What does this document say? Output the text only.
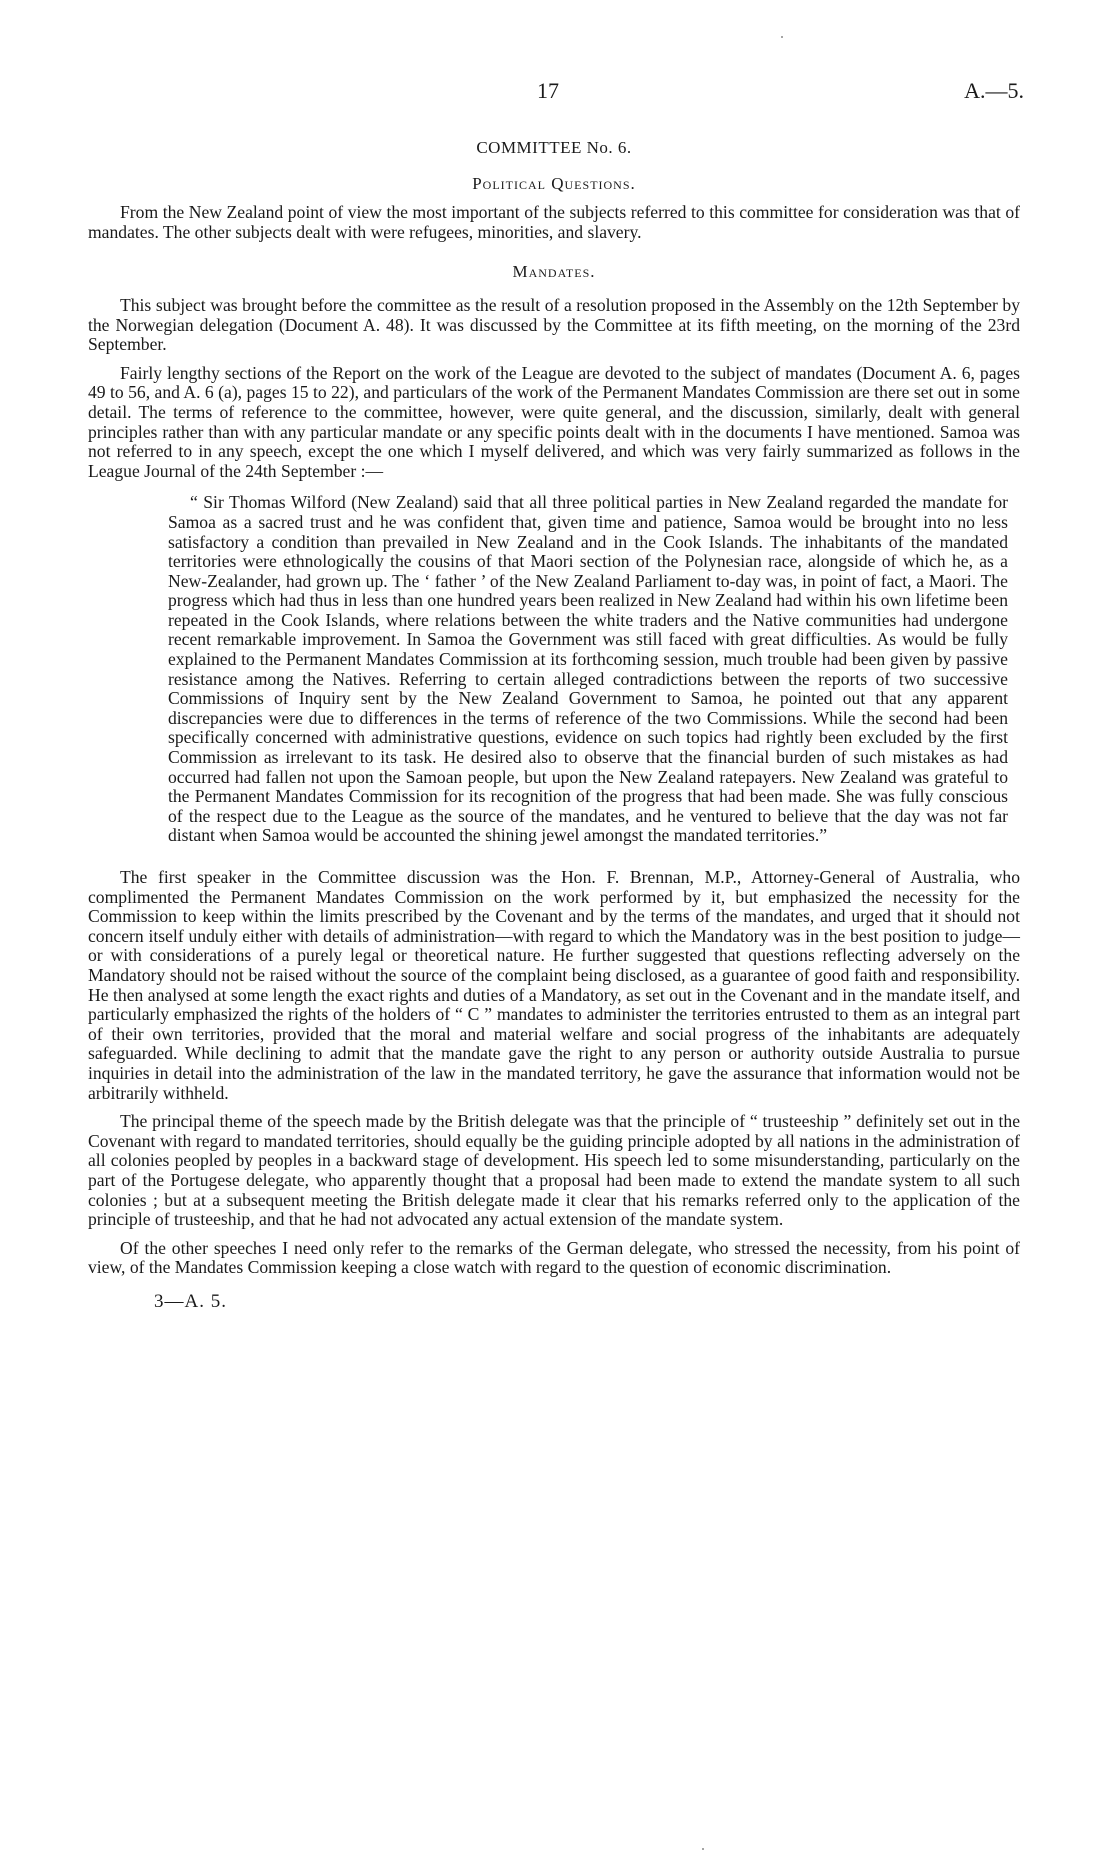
17	A.—5.
COMMITTEE No. 6.
Political Questions.

From the New Zealand point of view the most important of the subjects referred to this committee for consideration was that of mandates. The other subjects dealt with were refugees, minorities, and slavery.

Mandates.

This subject was brought before the committee as the result of a resolution proposed in the Assembly on the 12th September by the Norwegian delegation (Document A. 48). It was discussed by the Committee at its fifth meeting, on the morning of the 23rd September.

Fairly lengthy sections of the Report on the work of the League are devoted to the subject of mandates (Document A. 6, pages 49 to 56, and A. 6 (a), pages 15 to 22), and particulars of the work of the Permanent Mandates Commission are there set out in some detail. The terms of reference to the committee, however, were quite general, and the discussion, similarly, dealt with general principles rather than with any particular mandate or any specific points dealt with in the documents I have mentioned. Samoa was not referred to in any speech, except the one which I myself delivered, and which was very fairly summarized as follows in the League Journal of the 24th September :—

“ Sir Thomas Wilford (New Zealand) said that all three political parties in New Zealand regarded the mandate for Samoa as a sacred trust and he was confident that, given time and patience, Samoa would be brought into no less satisfactory a condition than prevailed in New Zealand and in the Cook Islands. The inhabitants of the mandated territories were ethnologically the cousins of that Maori section of the Polynesian race, alongside of which he, as a New-Zealander, had grown up. The ‘ father ’ of the New Zealand Parliament to-day was, in point of fact, a Maori. The progress which had thus in less than one hundred years been realized in New Zealand had within his own lifetime been repeated in the Cook Islands, where relations between the white traders and the Native communities had undergone recent remarkable improvement. In Samoa the Government was still faced with great difficulties. As would be fully explained to the Permanent Mandates Commission at its forthcoming session, much trouble had been given by passive resistance among the Natives. Referring to certain alleged contradictions between the reports of two successive Commissions of Inquiry sent by the New Zealand Government to Samoa, he pointed out that any apparent discrepancies were due to differences in the terms of reference of the two Commissions. While the second had been specifically concerned with administrative questions, evidence on such topics had rightly been excluded by the first Commission as irrelevant to its task. He desired also to observe that the financial burden of such mistakes as had occurred had fallen not upon the Samoan people, but upon the New Zealand ratepayers. New Zealand was grateful to the Permanent Mandates Commission for its recognition of the progress that had been made. She was fully conscious of the respect due to the League as the source of the mandates, and he ventured to believe that the day was not far distant when Samoa would be accounted the shining jewel amongst the mandated territories.”

The first speaker in the Committee discussion was the Hon. F. Brennan, M.P., Attorney-General of Australia, who complimented the Permanent Mandates Commission on the work performed by it, but emphasized the necessity for the Commission to keep within the limits prescribed by the Covenant and by the terms of the mandates, and urged that it should not concern itself unduly either with details of administration—with regard to which the Mandatory was in the best position to judge—or with considerations of a purely legal or theoretical nature. He further suggested that questions reflecting adversely on the Mandatory should not be raised without the source of the complaint being disclosed, as a guarantee of good faith and responsibility. He then analysed at some length the exact rights and duties of a Mandatory, as set out in the Covenant and in the mandate itself, and particularly emphasized the rights of the holders of “ C ” mandates to administer the territories entrusted to them as an integral part of their own territories, provided that the moral and material welfare and social progress of the inhabitants are adequately safeguarded. While declining to admit that the mandate gave the right to any person or authority outside Australia to pursue inquiries in detail into the administration of the law in the mandated territory, he gave the assurance that information would not be arbitrarily withheld.

The principal theme of the speech made by the British delegate was that the principle of “ trusteeship ” definitely set out in the Covenant with regard to mandated territories, should equally be the guiding principle adopted by all nations in the administration of all colonies peopled by peoples in a backward stage of development. His speech led to some misunderstanding, particularly on the part of the Portugese delegate, who apparently thought that a proposal had been made to extend the mandate system to all such colonies ; but at a subsequent meeting the British delegate made it clear that his remarks referred only to the application of the principle of trusteeship, and that he had not advocated any actual extension of the mandate system.

Of the other speeches I need only refer to the remarks of the German delegate, who stressed the necessity, from his point of view, of the Mandates Commission keeping a close watch with regard to the question of economic discrimination.

3—A. 5.
